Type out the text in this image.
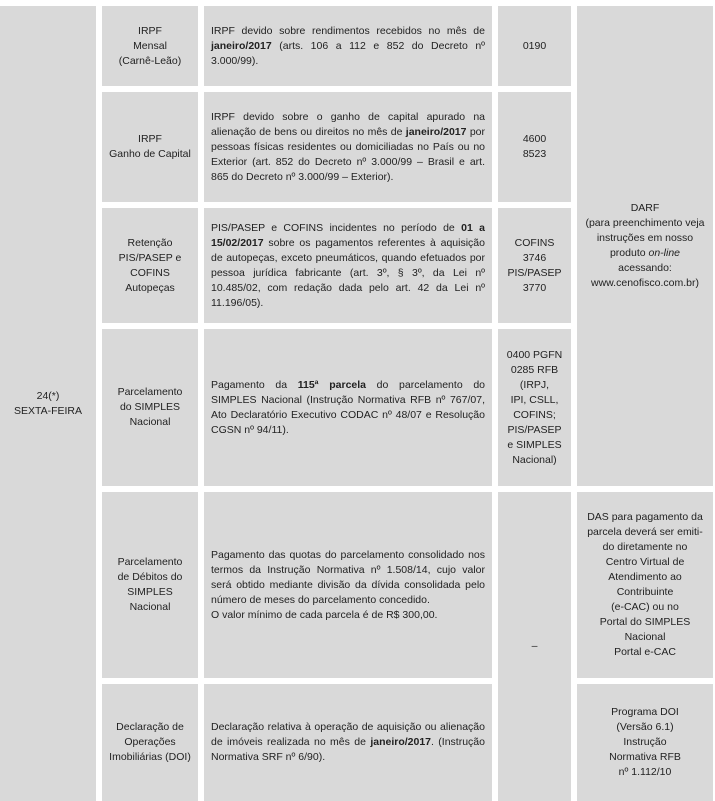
24(*)
SEXTA-FEIRA
IRPF
Mensal
(Carnê-Leão)
IRPF devido sobre rendimentos recebidos no mês de janeiro/2017 (arts. 106 a 112 e 852 do Decreto nº 3.000/99).
0190
IRPF
Ganho de Capital
IRPF devido sobre o ganho de capital apurado na alienação de bens ou direitos no mês de janeiro/2017 por pessoas físicas residentes ou domiciliadas no País ou no Exterior (art. 852 do Decreto nº 3.000/99 – Brasil e art. 865 do Decreto nº 3.000/99 – Exterior).
4600
8523
Retenção
PIS/PASEP e
COFINS
Autopeças
PIS/PASEP e COFINS incidentes no período de 01 a 15/02/2017 sobre os pagamentos referentes à aquisição de autopeças, exceto pneumáticos, quando efetuados por pessoa jurídica fabricante (art. 3º, § 3º, da Lei nº 10.485/02, com redação dada pelo art. 42 da Lei nº 11.196/05).
COFINS
3746
PIS/PASEP
3770
Parcelamento
do SIMPLES
Nacional
Pagamento da 115ª parcela do parcelamento do SIMPLES Nacional (Instrução Normativa RFB nº 767/07, Ato Declaratório Executivo CODAC nº 48/07 e Resolução CGSN nº 94/11).
0400 PGFN
0285 RFB
(IRPJ,
IPI, CSLL,
COFINS;
PIS/PASEP
e SIMPLES
Nacional)
Parcelamento
de Débitos do
SIMPLES
Nacional
Pagamento das quotas do parcelamento consolidado nos termos da Instrução Normativa nº 1.508/14, cujo valor será obtido mediante divisão da dívida consolidada pelo número de meses do parcelamento concedido.
O valor mínimo de cada parcela é de R$ 300,00.
–
Declaração de
Operações
Imobiliárias (DOI)
Declaração relativa à operação de aquisição ou alienação de imóveis realizada no mês de janeiro/2017. (Instrução Normativa SRF nº 6/90).
DARF
(para preenchimento veja instruções em nosso produto on-line acessando: www.cenofisco.com.br)
DAS para pagamento da
parcela deverá ser emiti-
do diretamente no
Centro Virtual de
Atendimento ao
Contribuinte
(e-CAC) ou no
Portal do SIMPLES
Nacional
Portal e-CAC
Programa DOI
(Versão 6.1)
Instrução
Normativa RFB
nº 1.112/10
